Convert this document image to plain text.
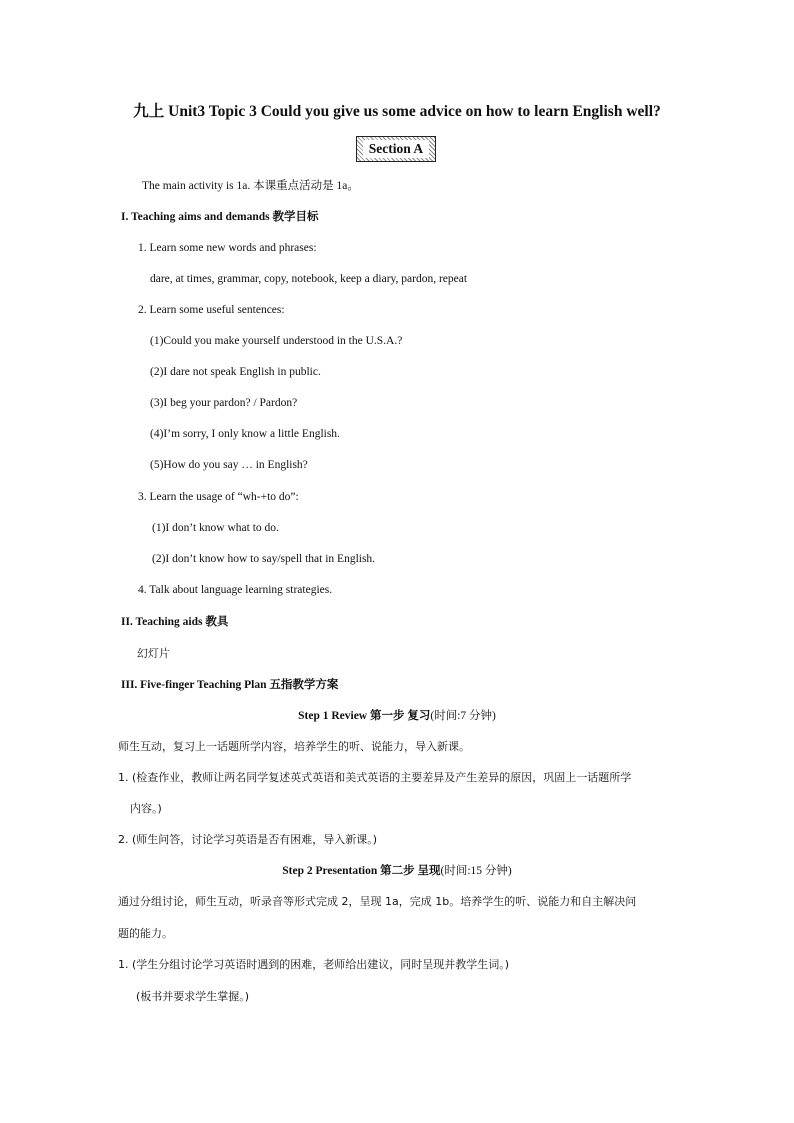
九上 Unit3 Topic 3 Could you give us some advice on how to learn English well?
Section A
The main activity is 1a. 本课重点活动是 1a。
I. Teaching aims and demands 教学目标
1. Learn some new words and phrases:
dare, at times, grammar, copy, notebook, keep a diary, pardon, repeat
2. Learn some useful sentences:
(1)Could you make yourself understood in the U.S.A.?
(2)I dare not speak English in public.
(3)I beg your pardon? / Pardon?
(4)I’m sorry, I only know a little English.
(5)How do you say … in English?
3. Learn the usage of “wh-+to do”:
(1)I don’t know what to do.
(2)I don’t know how to say/spell that in English.
4. Talk about language learning strategies.
II. Teaching aids 教具
幻灯片
III. Five-finger Teaching Plan 五指教学方案
Step 1 Review 第一步 复习(时间:7 分钟)
师生互动，复习上一话题所学内容，培养学生的听、说能力，导入新课。
1. (检查作业，教师让两名同学复述英式英语和美式英语的主要差异及产生差异的原因，巩固上一话题所学
内容。)
2. (师生问答，讨论学习英语是否有困难，导入新课。)
Step 2 Presentation 第二步 呈现(时间:15 分钟)
通过分组讨论，师生互动，听录音等形式完成 2，呈现 1a，完成 1b。培养学生的听、说能力和自主解决问
题的能力。
1. (学生分组讨论学习英语时遇到的困难，老师给出建议，同时呈现并教学生词。)
(板书并要求学生掌握。)
